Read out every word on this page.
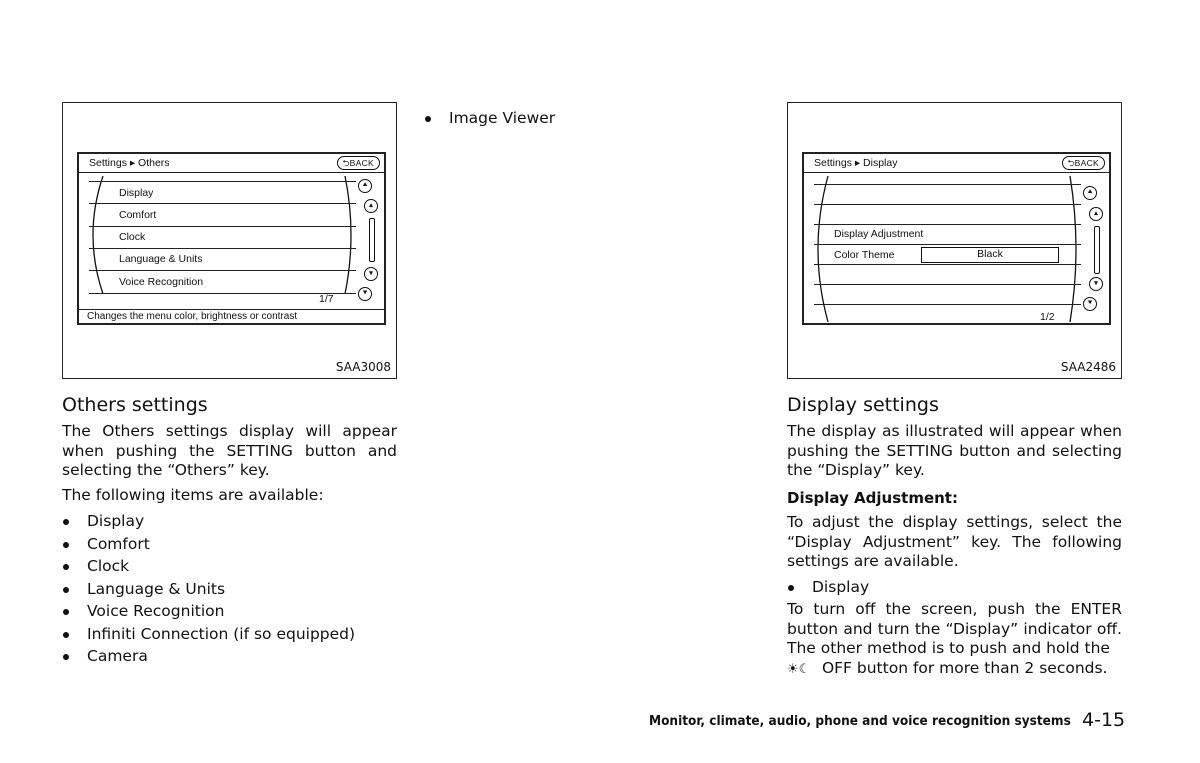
Settings ▸ Others	⮌BACK
Display
Comfort
Clock
Language & Units
Voice Recognition
1/7
⯅
▴
▾
⯆
Changes the menu color, brightness or contrast
SAA3008
Others settings
The Others settings display will appear when pushing the SETTING button and selecting the “Others” key.
The following items are available:
Display
Comfort
Clock
Language & Units
Voice Recognition
Infiniti Connection (if so equipped)
Camera
Image Viewer
Settings ▸ Display	⮌BACK
Display Adjustment
Color Theme	Black
1/2
⯅
▴
▾
⯆
SAA2486
Display settings
The display as illustrated will appear when pushing the SETTING button and selecting the “Display” key.
Display Adjustment:
To adjust the display settings, select the “Display Adjustment” key. The following settings are available.
Display
To turn off the screen, push the ENTER button and turn the “Display” indicator off. The other method is to push and hold the
☀☾ OFF button for more than 2 seconds.
Monitor, climate, audio, phone and voice recognition systems 4-15
